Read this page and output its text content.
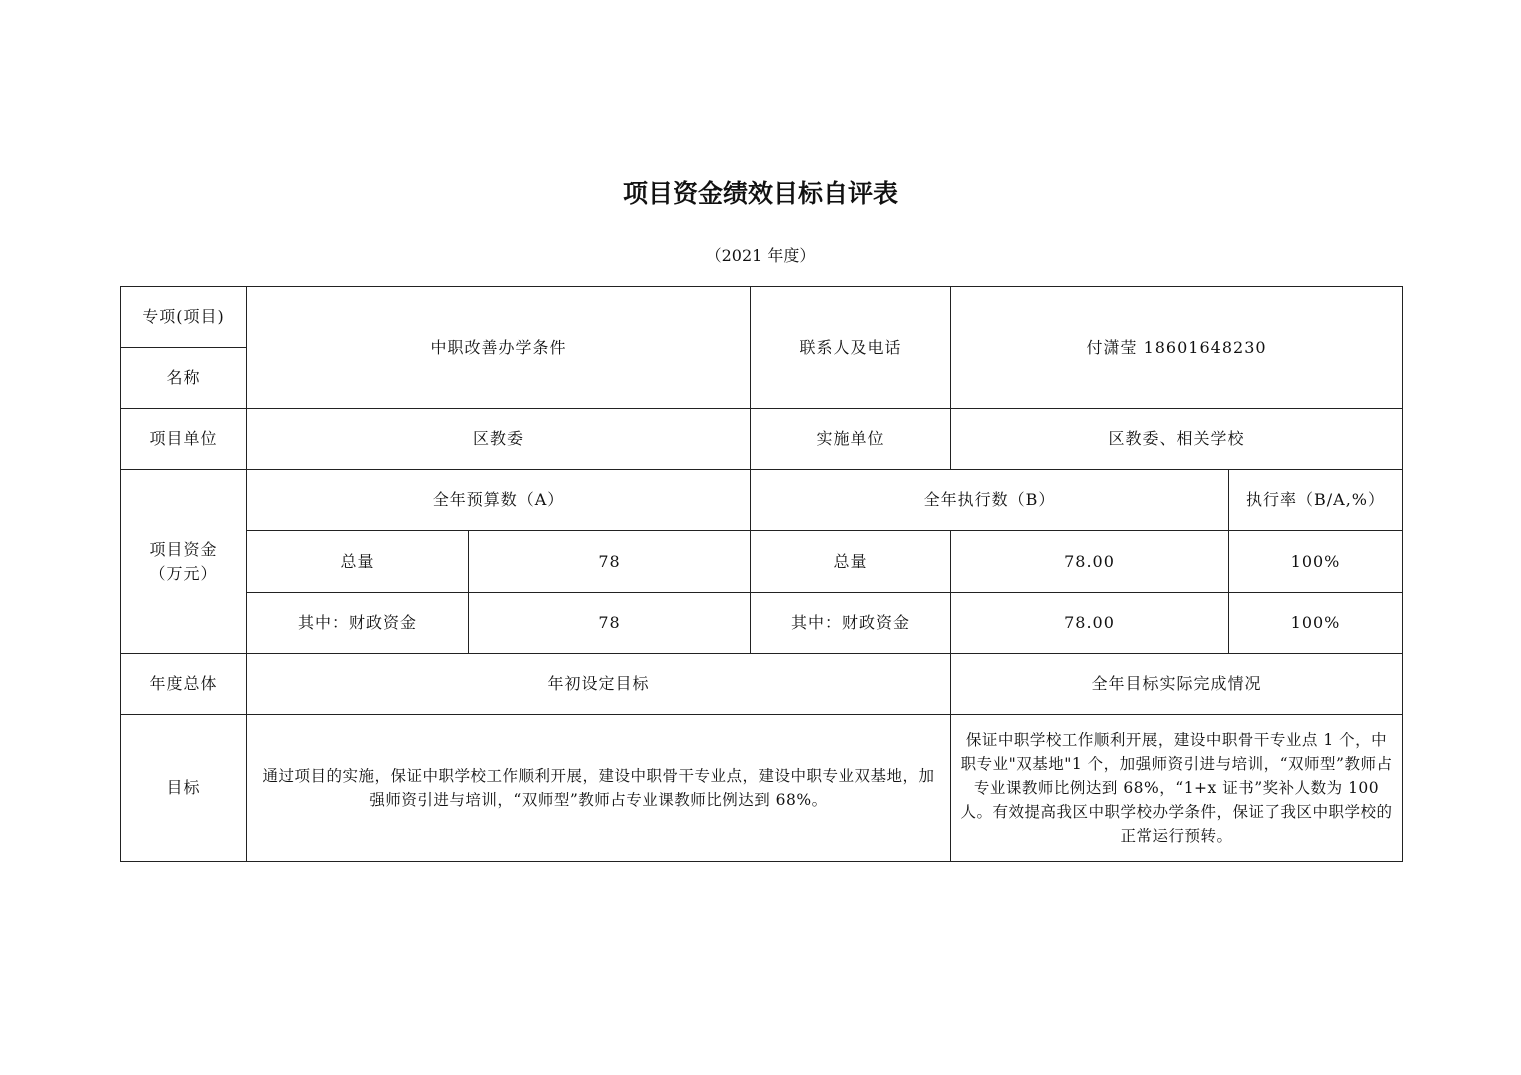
项目资金绩效目标自评表
（2021 年度）
专项(项目)	中职改善办学条件		联系人及电话	付潇莹 18601648230	
名称					
项目单位	区教委		实施单位	区教委、相关学校	

项目资金
（万元）	全年预算数（A）		全年执行数（B）		执行率（B/A,%）
	总量	78	总量	78.00	100%
	其中：财政资金	78	其中：财政资金	78.00	100%
年度总体	年初设定目标			全年目标实际完成情况	
目标	通过项目的实施，保证中职学校工作顺利开展，建设中职骨干专业点，建设中职专业双基地，加强师资引进与培训，“双师型”教师占专业课教师比例达到 68%。			保证中职学校工作顺利开展，建设中职骨干专业点 1 个，中职专业"双基地"1 个，加强师资引进与培训，“双师型”教师占专业课教师比例达到 68%，“1+x 证书”奖补人数为 100 人。有效提高我区中职学校办学条件，保证了我区中职学校的正常运行预转。	
